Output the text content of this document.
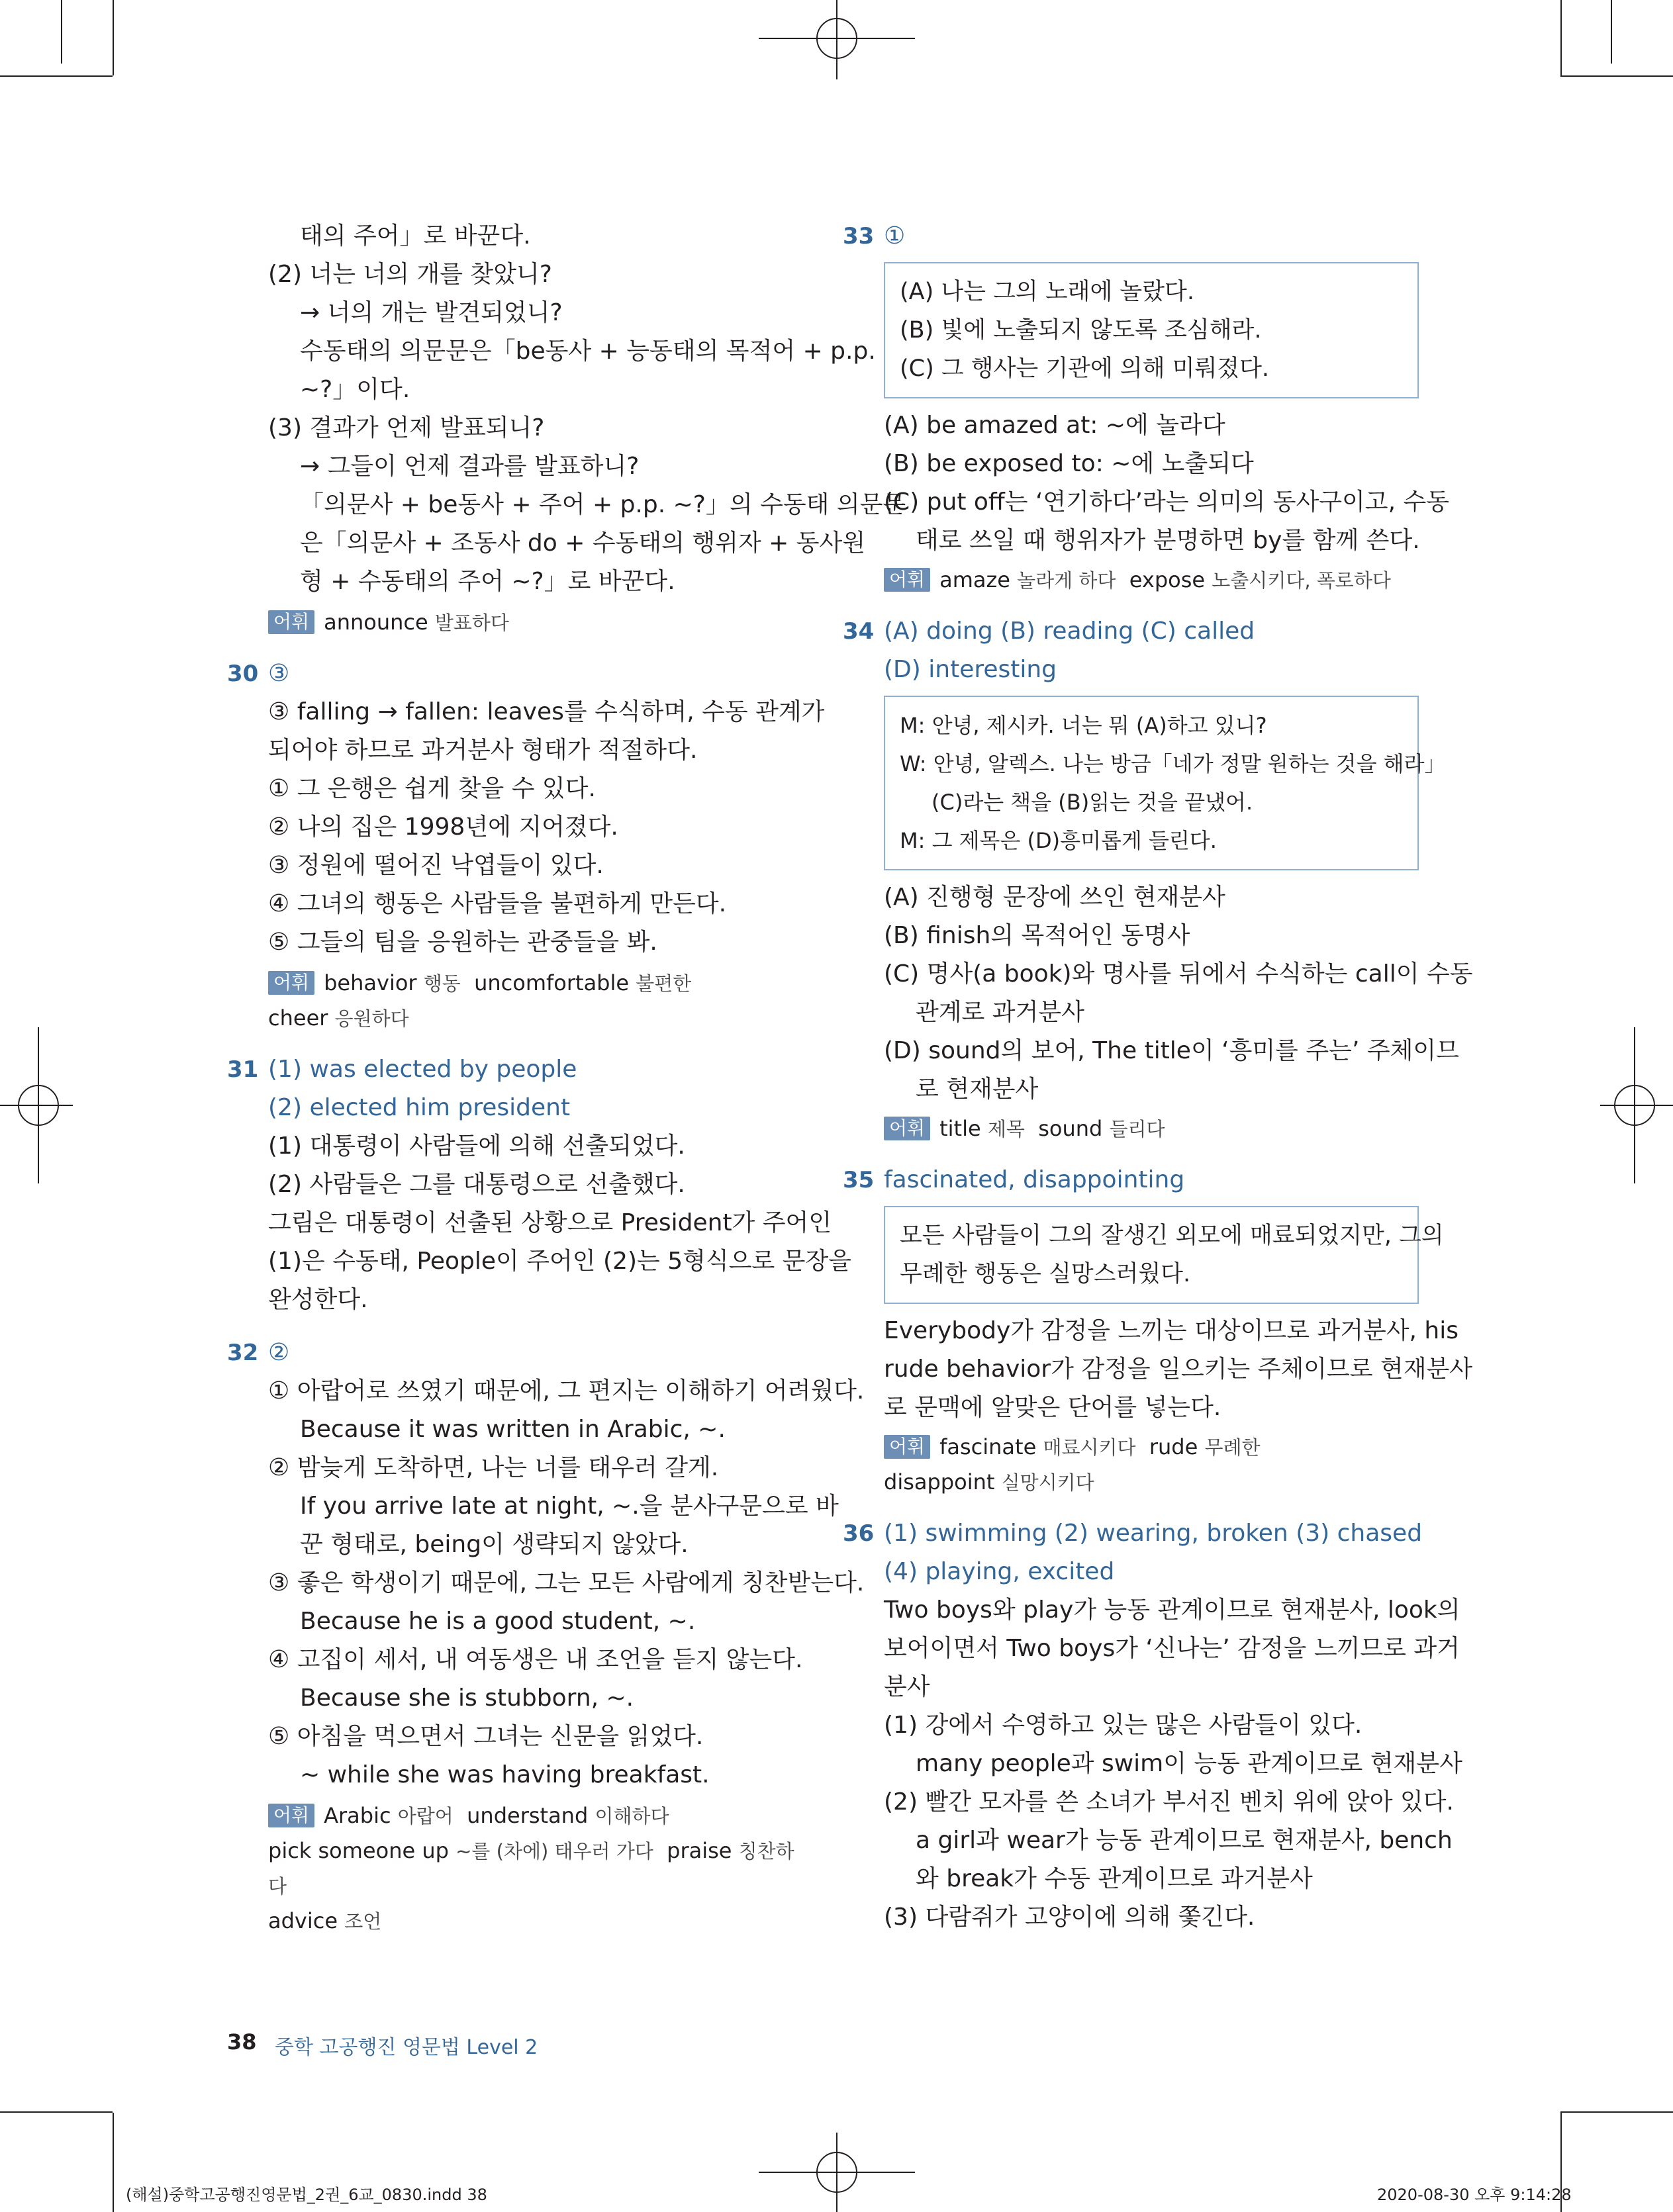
태의 주어」로 바꾼다.
(2) 너는 너의 개를 찾았니?
→ 너의 개는 발견되었니?
수동태의 의문문은「be동사 + 능동태의 목적어 + p.p.
~?」이다.
(3) 결과가 언제 발표되니?
→ 그들이 언제 결과를 발표하니?
「의문사 + be동사 + 주어 + p.p. ~?」의 수동태 의문문
은「의문사 + 조동사 do + 수동태의 행위자 + 동사원
형 + 수동태의 주어 ~?」로 바꾼다.
어휘 announce 발표하다
30 ③
③ falling → fallen: leaves를 수식하며, 수동 관계가
되어야 하므로 과거분사 형태가 적절하다.
① 그 은행은 쉽게 찾을 수 있다.
② 나의 집은 1998년에 지어졌다.
③ 정원에 떨어진 낙엽들이 있다.
④ 그녀의 행동은 사람들을 불편하게 만든다.
⑤ 그들의 팀을 응원하는 관중들을 봐.
어휘 behavior 행동 uncomfortable 불편한
cheer 응원하다
31 (1) was elected by people
(2) elected him president
(1) 대통령이 사람들에 의해 선출되었다.
(2) 사람들은 그를 대통령으로 선출했다.
그림은 대통령이 선출된 상황으로 President가 주어인
(1)은 수동태, People이 주어인 (2)는 5형식으로 문장을
완성한다.
32 ②
① 아랍어로 쓰였기 때문에, 그 편지는 이해하기 어려웠다.
Because it was written in Arabic, ~.
② 밤늦게 도착하면, 나는 너를 태우러 갈게.
If you arrive late at night, ~.을 분사구문으로 바
꾼 형태로, being이 생략되지 않았다.
③ 좋은 학생이기 때문에, 그는 모든 사람에게 칭찬받는다.
Because he is a good student, ~.
④ 고집이 세서, 내 여동생은 내 조언을 듣지 않는다.
Because she is stubborn, ~.
⑤ 아침을 먹으면서 그녀는 신문을 읽었다.
~ while she was having breakfast.
어휘 Arabic 아랍어 understand 이해하다
pick someone up ~를 (차에) 태우러 가다 praise 칭찬하다
advice 조언
33 ①
(A) 나는 그의 노래에 놀랐다.
(B) 빛에 노출되지 않도록 조심해라.
(C) 그 행사는 기관에 의해 미뤄졌다.
(A) be amazed at: ~에 놀라다
(B) be exposed to: ~에 노출되다
(C) put off는 ‘연기하다’라는 의미의 동사구이고, 수동
태로 쓰일 때 행위자가 분명하면 by를 함께 쓴다.
어휘 amaze 놀라게 하다 expose 노출시키다, 폭로하다
34 (A) doing (B) reading (C) called
(D) interesting
M: 안녕, 제시카. 너는 뭐 (A)하고 있니?
W: 안녕, 알렉스. 나는 방금「네가 정말 원하는 것을 해라」
(C)라는 책을 (B)읽는 것을 끝냈어.
M: 그 제목은 (D)흥미롭게 들린다.
(A) 진행형 문장에 쓰인 현재분사
(B) finish의 목적어인 동명사
(C) 명사(a book)와 명사를 뒤에서 수식하는 call이 수동
관계로 과거분사
(D) sound의 보어, The title이 ‘흥미를 주는’ 주체이므
로 현재분사
어휘 title 제목 sound 들리다
35 fascinated, disappointing
모든 사람들이 그의 잘생긴 외모에 매료되었지만, 그의
무례한 행동은 실망스러웠다.
Everybody가 감정을 느끼는 대상이므로 과거분사, his
rude behavior가 감정을 일으키는 주체이므로 현재분사
로 문맥에 알맞은 단어를 넣는다.
어휘 fascinate 매료시키다 rude 무례한
disappoint 실망시키다
36 (1) swimming (2) wearing, broken (3) chased
(4) playing, excited
Two boys와 play가 능동 관계이므로 현재분사, look의
보어이면서 Two boys가 ‘신나는’ 감정을 느끼므로 과거
분사
(1) 강에서 수영하고 있는 많은 사람들이 있다.
many people과 swim이 능동 관계이므로 현재분사
(2) 빨간 모자를 쓴 소녀가 부서진 벤치 위에 앉아 있다.
a girl과 wear가 능동 관계이므로 현재분사, bench
와 break가 수동 관계이므로 과거분사
(3) 다람쥐가 고양이에 의해 쫓긴다.
38 중학 고공행진 영문법 Level 2
(해설)중학고공행진영문법_2권_6교_0830.indd 38	2020-08-30 오후 9:14:28
